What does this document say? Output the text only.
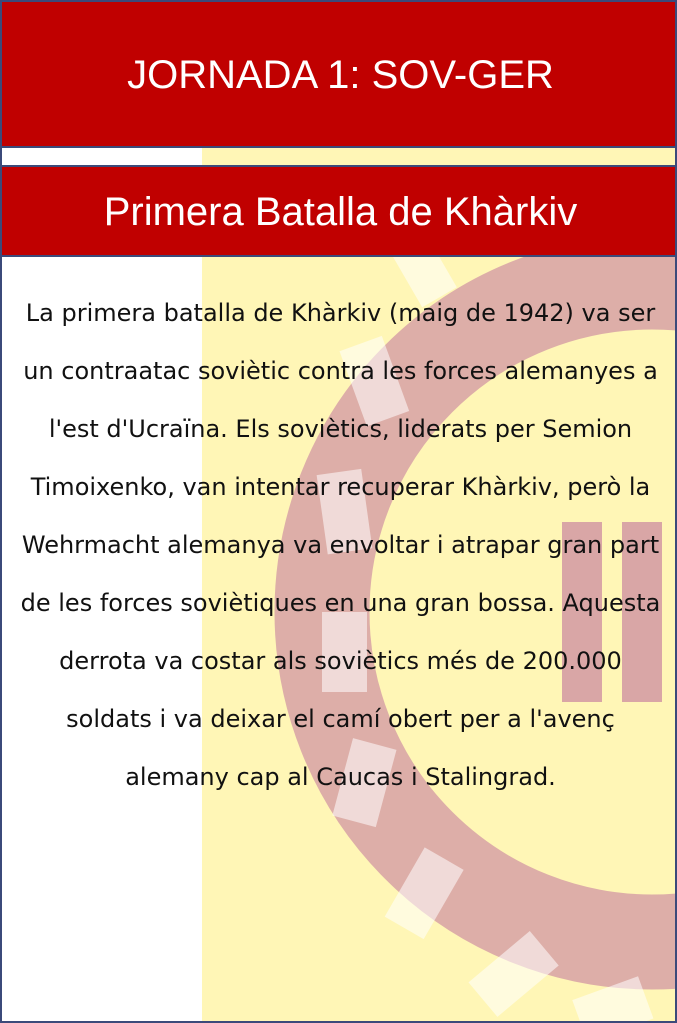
JORNADA 1: SOV-GER
Primera Batalla de Khàrkiv
La primera batalla de Khàrkiv (maig de 1942) va ser un contraatac soviètic contra les forces alemanyes a l'est d'Ucraïna. Els soviètics, liderats per Semion Timoixenko, van intentar recuperar Khàrkiv, però la Wehrmacht alemanya va envoltar i atrapar gran part de les forces soviètiques en una gran bossa. Aquesta derrota va costar als soviètics més de 200.000 soldats i va deixar el camí obert per a l'avenç alemany cap al Caucas i Stalingrad.
